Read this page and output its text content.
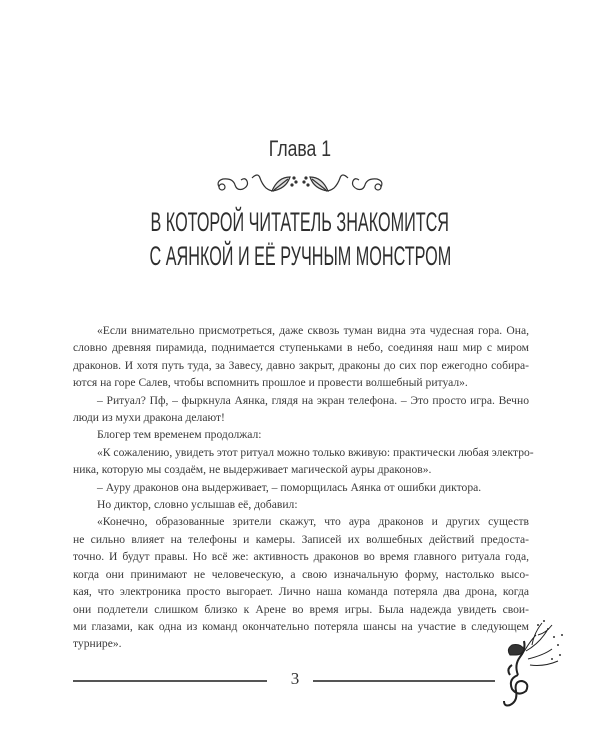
Глава 1
В КОТОРОЙ ЧИТАТЕЛЬ ЗНАКОМИТСЯ
С АЯНКОЙ И ЕЁ РУЧНЫМ МОНСТРОМ
«Если внимательно присмотреться, даже сквозь туман видна эта чудесная гора. Она,
словно древняя пирамида, поднимается ступеньками в небо, соединяя наш мир с миром
драконов. И хотя путь туда, за Завесу, давно закрыт, драконы до сих пор ежегодно собира-
ются на горе Салев, чтобы вспомнить прошлое и провести волшебный ритуал».
– Ритуал? Пф, – фыркнула Аянка, глядя на экран телефона. – Это просто игра. Вечно
люди из мухи дракона делают!
Блогер тем временем продолжал:
«К сожалению, увидеть этот ритуал можно только вживую: практически любая электро-
ника, которую мы создаём, не выдерживает магической ауры драконов».
– Ауру драконов она выдерживает, – поморщилась Аянка от ошибки диктора.
Но диктор, словно услышав её, добавил:
«Конечно, образованные зрители скажут, что аура драконов и других существ
не сильно влияет на телефоны и камеры. Записей их волшебных действий предоста-
точно. И будут правы. Но всё же: активность драконов во время главного ритуала года,
когда они принимают не человеческую, а свою изначальную форму, настолько высо-
кая, что электроника просто выгорает. Лично наша команда потеряла два дрона, когда
они подлетели слишком близко к Арене во время игры. Была надежда увидеть свои-
ми глазами, как одна из команд окончательно потеряла шансы на участие в следующем
турнире».
3
